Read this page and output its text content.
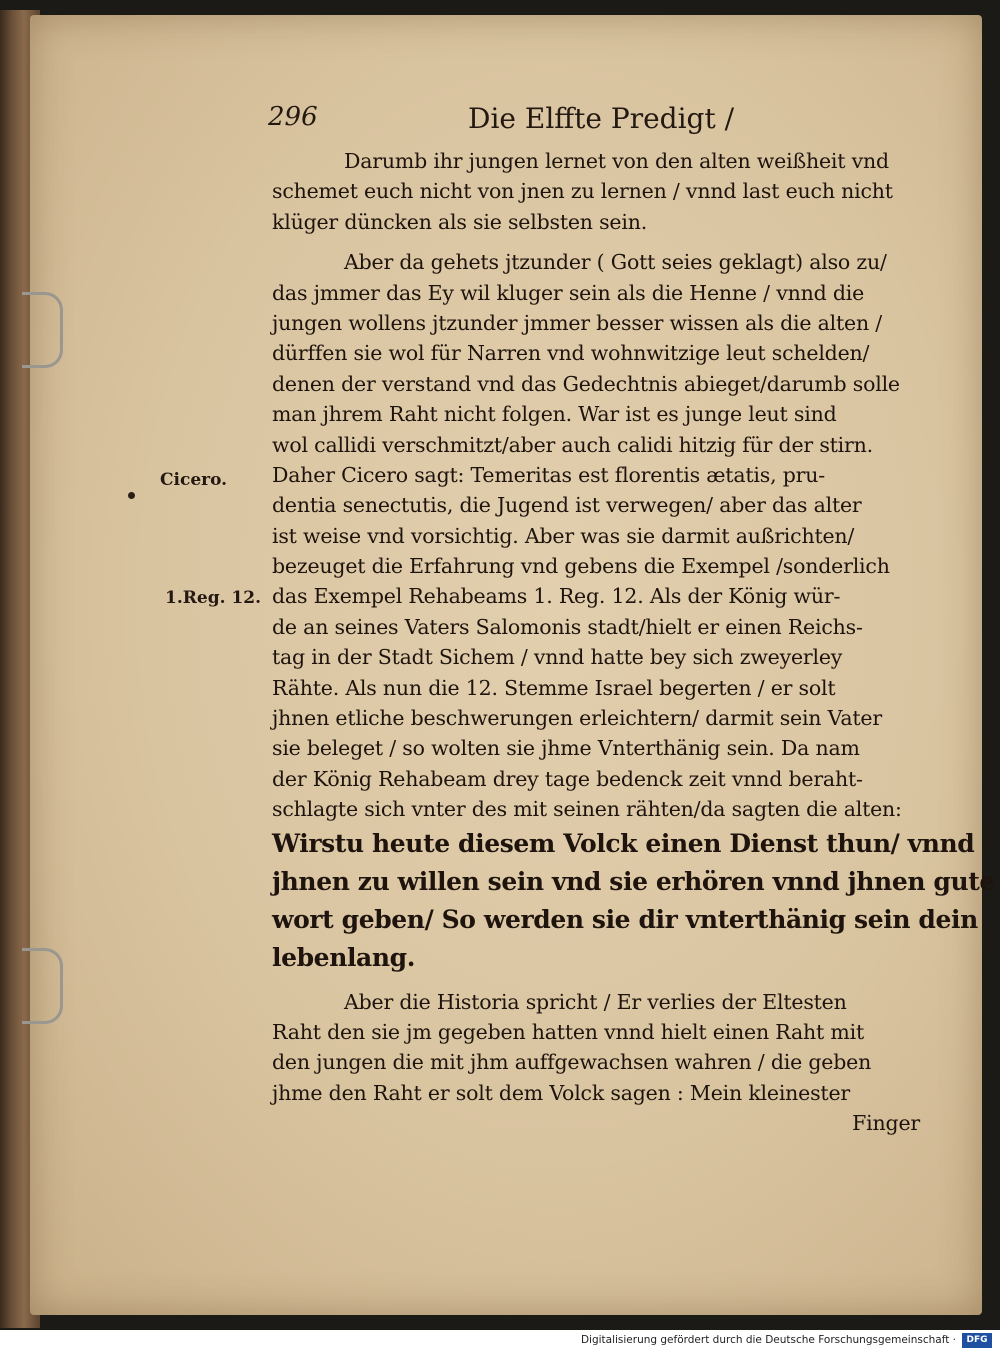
296	Die Elffte Predigt /
Cicero.
1.Reg. 12.
Darumb ihr jungen lernet von den alten weißheit vnd
schemet euch nicht von jnen zu lernen / vnnd last euch nicht
klüger düncken als sie selbsten sein.
Aber da gehets jtzunder ( Gott seies geklagt) also zu/
das jmmer das Ey wil kluger sein als die Henne / vnnd die
jungen wollens jtzunder jmmer besser wissen als die alten /
dürffen sie wol für Narren vnd wohnwitzige leut schelden/
denen der verstand vnd das Gedechtnis abieget/darumb solle
man jhrem Raht nicht folgen. War ist es junge leut sind
wol callidi verschmitzt/aber auch calidi hitzig für der stirn.
Daher Cicero sagt: Temeritas est florentis ætatis, pru-
dentia senectutis, die Jugend ist verwegen/ aber das alter
ist weise vnd vorsichtig. Aber was sie darmit außrichten/
bezeuget die Erfahrung vnd gebens die Exempel /sonderlich
das Exempel Rehabeams 1. Reg. 12. Als der König wür-
de an seines Vaters Salomonis stadt/hielt er einen Reichs-
tag in der Stadt Sichem / vnnd hatte bey sich zweyerley
Rähte. Als nun die 12. Stemme Israel begerten / er solt
jhnen etliche beschwerungen erleichtern/ darmit sein Vater
sie beleget / so wolten sie jhme Vnterthänig sein. Da nam
der König Rehabeam drey tage bedenck zeit vnnd beraht-
schlagte sich vnter des mit seinen rähten/da sagten die alten:
Wirstu heute diesem Volck einen Dienst thun/ vnnd
jhnen zu willen sein vnd sie erhören vnnd jhnen gute
wort geben/ So werden sie dir vnterthänig sein dein
lebenlang.
Aber die Historia spricht / Er verlies der Eltesten
Raht den sie jm gegeben hatten vnnd hielt einen Raht mit
den jungen die mit jhm auffgewachsen wahren / die geben
jhme den Raht er solt dem Volck sagen : Mein kleinester
Finger
Digitalisierung gefördert durch die Deutsche Forschungsgemeinschaft ·	DFG
